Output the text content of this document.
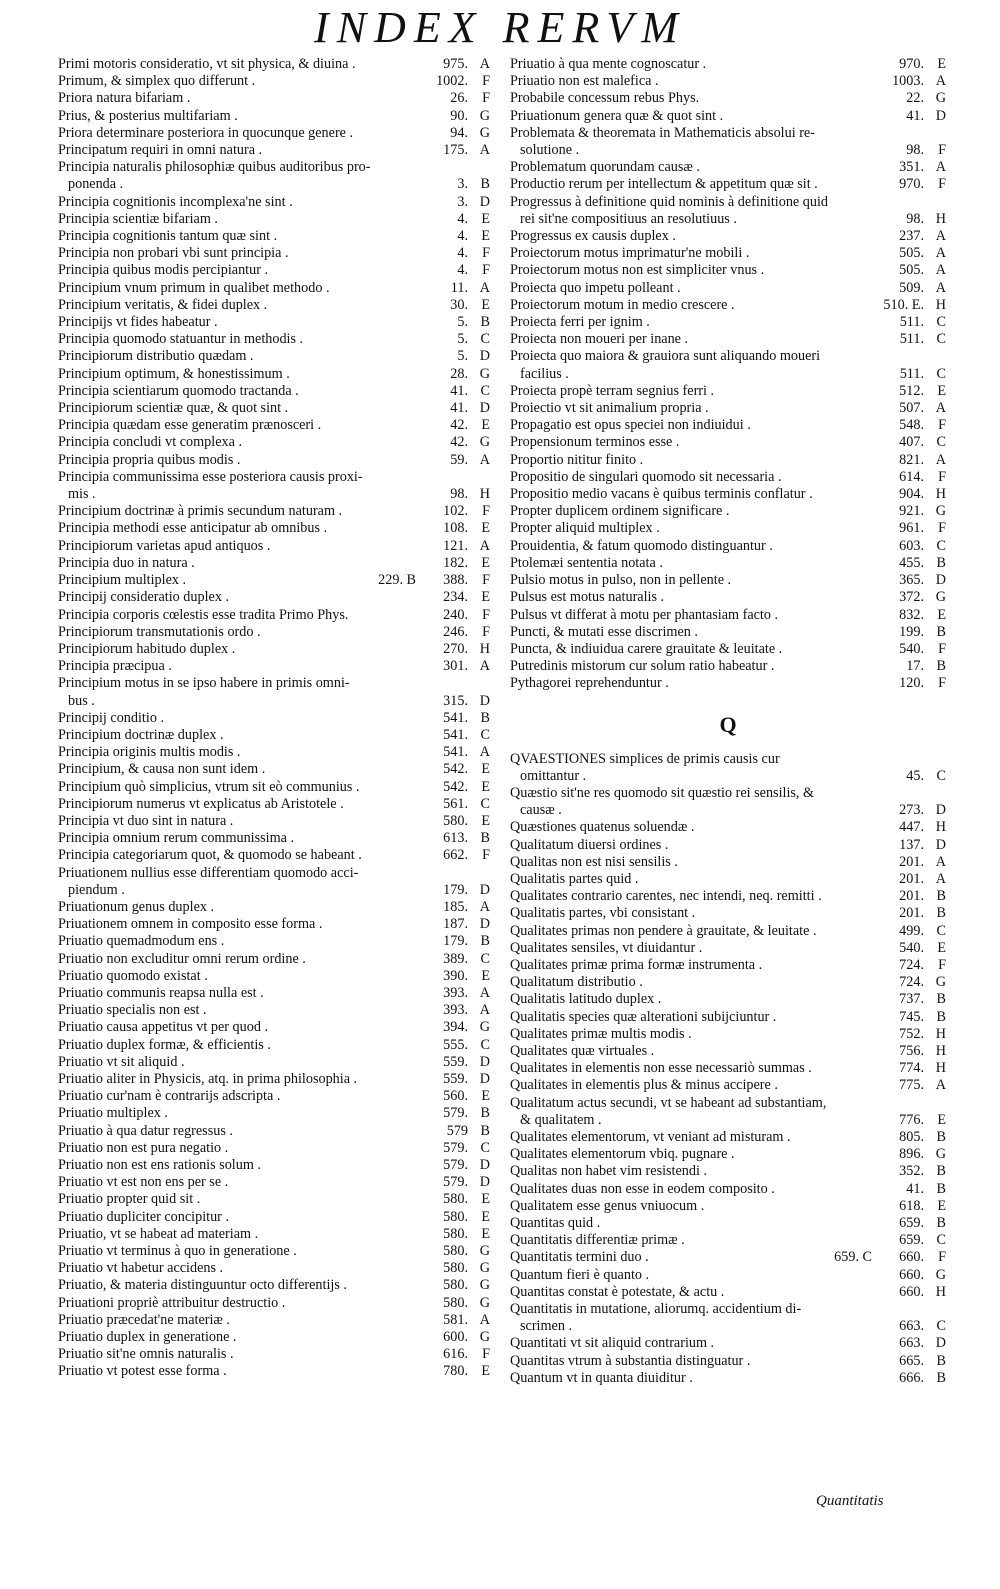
INDEX RERVM
Primi motoris consideratio, vt sit physica, & diuina .	975. A
Primum, & simplex quo differunt .	1002. F
Priora natura bifariam .	26. F
Prius, & posterius multifariam .	90. G
Priora determinare posteriora in quocunque genere .	94. G
Principatum requiri in omni natura .	175. A
Principia naturalis philosophiæ quibus auditoribus pro-
ponenda .	3. B
Principia cognitionis incomplexa'ne sint .	3. D
Principia scientiæ bifariam .	4. E
Principia cognitionis tantum quæ sint .	4. E
Principia non probari vbi sunt principia .	4. F
Principia quibus modis percipiantur .	4. F
Principium vnum primum in qualibet methodo .	11. A
Principium veritatis, & fidei duplex .	30. E
Principijs vt fides habeatur .	5. B
Principia quomodo statuantur in methodis .	5. C
Principiorum distributio quædam .	5. D
Principium optimum, & honestissimum .	28. G
Principia scientiarum quomodo tractanda .	41. C
Principiorum scientiæ quæ, & quot sint .	41. D
Principia quædam esse generatim prænosceri .	42. E
Principia concludi vt complexa .	42. G
Principia propria quibus modis .	59. A
Principia communissima esse posteriora causis proxi-
mis .	98. H
Principium doctrinæ à primis secundum naturam .	102. F
Principia methodi esse anticipatur ab omnibus .	108. E
Principiorum varietas apud antiquos .	121. A
Principia duo in natura .	182. E
Principium multiplex .	229. B	388. F
Principij consideratio duplex .	234. E
Principia corporis cœlestis esse tradita Primo Phys.	240. F
Principiorum transmutationis ordo .	246. F
Principiorum habitudo duplex .	270. H
Principia præcipua .	301. A
Principium motus in se ipso habere in primis omni-
bus .	315. D
Principij conditio .	541. B
Principium doctrinæ duplex .	541. C
Principia originis multis modis .	541. A
Principium, & causa non sunt idem .	542. E
Principium quò simplicius, vtrum sit eò communius .	542. E
Principiorum numerus vt explicatus ab Aristotele .	561. C
Principia vt duo sint in natura .	580. E
Principia omnium rerum communissima .	613. B
Principia categoriarum quot, & quomodo se habeant .	662. F
Priuationem nullius esse differentiam quomodo acci-
piendum .	179. D
Priuationum genus duplex .	185. A
Priuationem omnem in composito esse forma .	187. D
Priuatio quemadmodum ens .	179. B
Priuatio non excluditur omni rerum ordine .	389. C
Priuatio quomodo existat .	390. E
Priuatio communis reapsa nulla est .	393. A
Priuatio specialis non est .	393. A
Priuatio causa appetitus vt per quod .	394. G
Priuatio duplex formæ, & efficientis .	555. C
Priuatio vt sit aliquid .	559. D
Priuatio aliter in Physicis, atq. in prima philosophia .	559. D
Priuatio cur'nam è contrarijs adscripta .	560. E
Priuatio multiplex .	579. B
Priuatio à qua datur regressus .	579 B
Priuatio non est pura negatio .	579. C
Priuatio non est ens rationis solum .	579. D
Priuatio vt est non ens per se .	579. D
Priuatio propter quid sit .	580. E
Priuatio dupliciter concipitur .	580. E
Priuatio, vt se habeat ad materiam .	580. E
Priuatio vt terminus à quo in generatione .	580. G
Priuatio vt habetur accidens .	580. G
Priuatio, & materia distinguuntur octo differentijs .	580. G
Priuationi propriè attribuitur destructio .	580. G
Priuatio præcedat'ne materiæ .	581. A
Priuatio duplex in generatione .	600. G
Priuatio sit'ne omnis naturalis .	616. F
Priuatio vt potest esse forma .	780. E
Priuatio à qua mente cognoscatur .	970. E
Priuatio non est malefica .	1003. A
Probabile concessum rebus Phys.	22. G
Priuationum genera quæ & quot sint .	41. D
Problemata & theoremata in Mathematicis absolui re-
solutione .	98. F
Problematum quorundam causæ .	351. A
Productio rerum per intellectum & appetitum quæ sit .	970. F
Progressus à definitione quid nominis à definitione quid
rei sit'ne compositiuus an resolutiuus .	98. H
Progressus ex causis duplex .	237. A
Proiectorum motus imprimatur'ne mobili .	505. A
Proiectorum motus non est simpliciter vnus .	505. A
Proiecta quo impetu polleant .	509. A
Proiectorum motum in medio crescere .	510. E. H
Proiecta ferri per ignim .	511. C
Proiecta non moueri per inane .	511. C
Proiecta quo maiora & grauiora sunt aliquando moueri
facilius .	511. C
Proiecta propè terram segnius ferri .	512. E
Proiectio vt sit animalium propria .	507. A
Propagatio est opus speciei non indiuidui .	548. F
Propensionum terminos esse .	407. C
Proportio nititur finito .	821. A
Propositio de singulari quomodo sit necessaria .	614. F
Propositio medio vacans è quibus terminis conflatur .	904. H
Propter duplicem ordinem significare .	921. G
Propter aliquid multiplex .	961. F
Prouidentia, & fatum quomodo distinguantur .	603. C
Ptolemæi sententia notata .	455. B
Pulsio motus in pulso, non in pellente .	365. D
Pulsus est motus naturalis .	372. G
Pulsus vt differat à motu per phantasiam facto .	832. E
Puncti, & mutati esse discrimen .	199. B
Puncta, & indiuidua carere grauitate & leuitate .	540. F
Putredinis mistorum cur solum ratio habeatur .	17. B
Pythagorei reprehenduntur .	120. F
Q
QVAESTIONES simplices de primis causis cur
omittantur .	45. C
Quæstio sit'ne res quomodo sit quæstio rei sensilis, &
causæ .	273. D
Quæstiones quatenus soluendæ .	447. H
Qualitatum diuersi ordines .	137. D
Qualitas non est nisi sensilis .	201. A
Qualitatis partes quid .	201. A
Qualitates contrario carentes, nec intendi, neq. remitti .	201. B
Qualitatis partes, vbi consistant .	201. B
Qualitates primas non pendere à grauitate, & leuitate .	499. C
Qualitates sensiles, vt diuidantur .	540. E
Qualitates primæ prima formæ instrumenta .	724. F
Qualitatum distributio .	724. G
Qualitatis latitudo duplex .	737. B
Qualitatis species quæ alterationi subijciuntur .	745. B
Qualitates primæ multis modis .	752. H
Qualitates quæ virtuales .	756. H
Qualitates in elementis non esse necessariò summas .	774. H
Qualitates in elementis plus & minus accipere .	775. A
Qualitatum actus secundi, vt se habeant ad substantiam,
& qualitatem .	776. E
Qualitates elementorum, vt veniant ad misturam .	805. B
Qualitates elementorum vbiq. pugnare .	896. G
Qualitas non habet vim resistendi .	352. B
Qualitates duas non esse in eodem composito .	41. B
Qualitatem esse genus vniuocum .	618. E
Quantitas quid .	659. B
Quantitatis differentiæ primæ .	659. C
Quantitatis termini duo .	659. C	660. F
Quantum fieri è quanto .	660. G
Quantitas constat è potestate, & actu .	660. H
Quantitatis in mutatione, aliorumq. accidentium di-
scrimen .	663. C
Quantitati vt sit aliquid contrarium .	663. D
Quantitas vtrum à substantia distinguatur .	665. B
Quantum vt in quanta diuiditur .	666. B
Quantitatis
